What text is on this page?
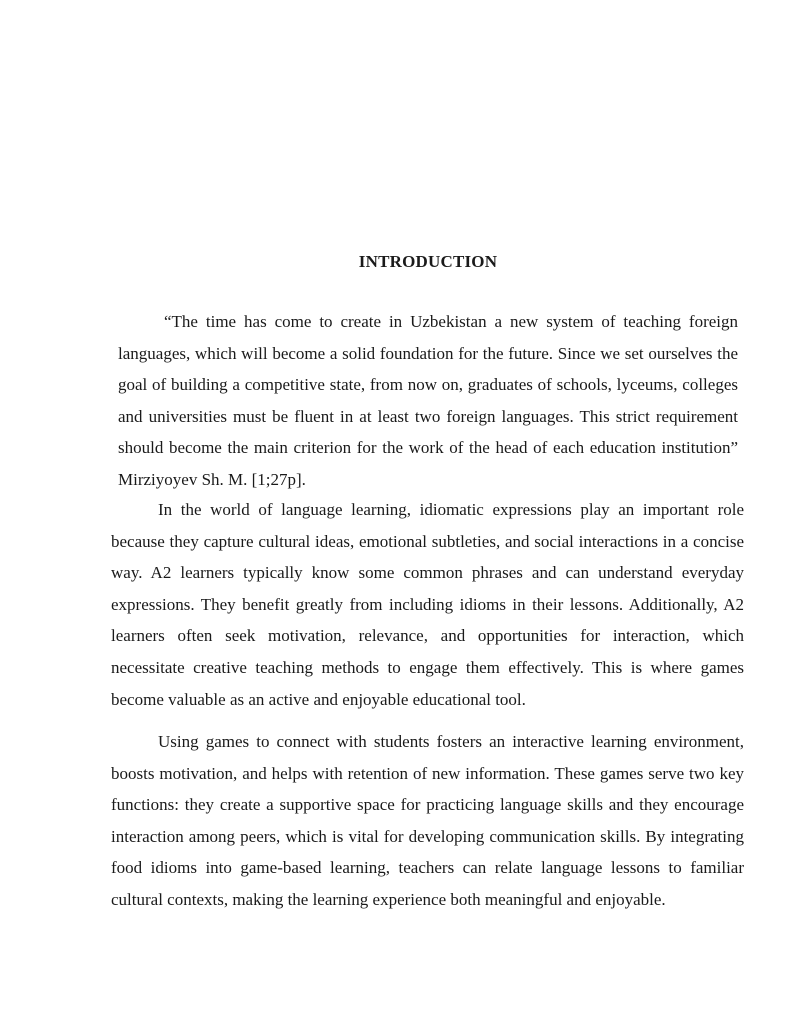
INTRODUCTION
“The time has come to create in Uzbekistan a new system of teaching foreign languages, which will become a solid foundation for the future. Since we set ourselves the goal of building a competitive state, from now on, graduates of schools, lyceums, colleges and universities must be fluent in at least two foreign languages. This strict requirement should become the main criterion for the work of the head of each education institution” Mirziyoyev Sh. M. [1;27p].
In the world of language learning, idiomatic expressions play an important role because they capture cultural ideas, emotional subtleties, and social interactions in a concise way. A2 learners typically know some common phrases and can understand everyday expressions. They benefit greatly from including idioms in their lessons. Additionally, A2 learners often seek motivation, relevance, and opportunities for interaction, which necessitate creative teaching methods to engage them effectively. This is where games become valuable as an active and enjoyable educational tool.
Using games to connect with students fosters an interactive learning environment, boosts motivation, and helps with retention of new information. These games serve two key functions: they create a supportive space for practicing language skills and they encourage interaction among peers, which is vital for developing communication skills. By integrating food idioms into game-based learning, teachers can relate language lessons to familiar cultural contexts, making the learning experience both meaningful and enjoyable.
